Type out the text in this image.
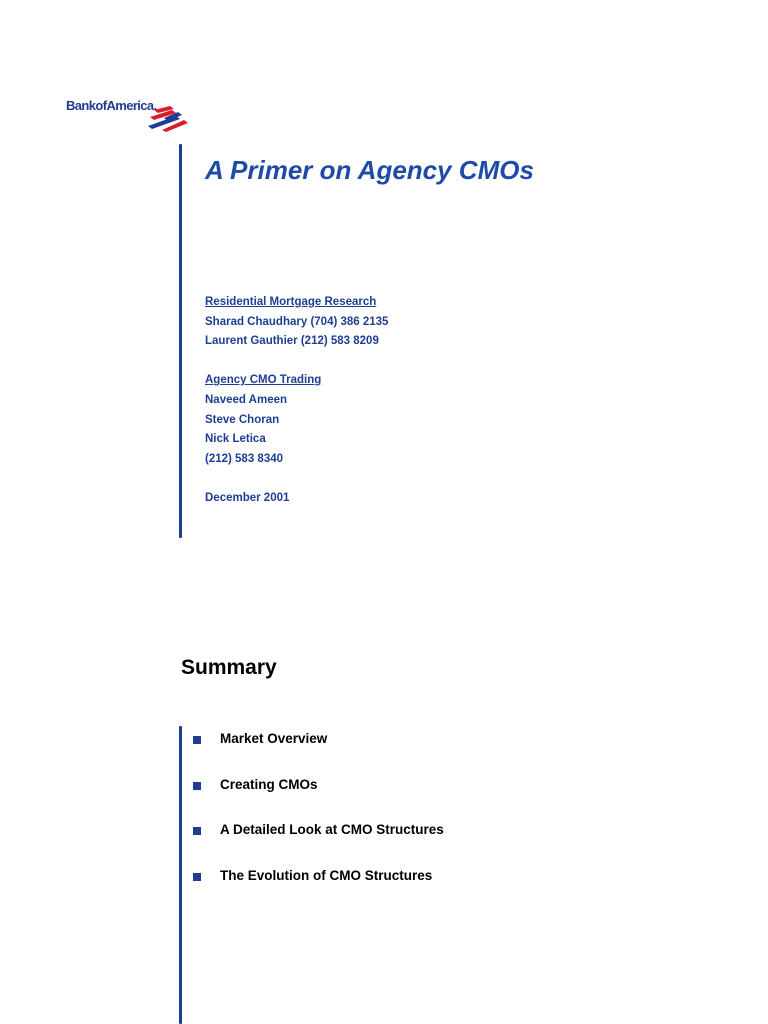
BankofAmerica.
A Primer on Agency CMOs
Residential Mortgage Research
Sharad Chaudhary (704) 386 2135
Laurent Gauthier (212) 583 8209
Agency CMO Trading
Naveed Ameen
Steve Choran
Nick Letica
(212) 583 8340
December 2001
Summary
Market Overview
Creating CMOs
A Detailed Look at CMO Structures
The Evolution of CMO Structures
